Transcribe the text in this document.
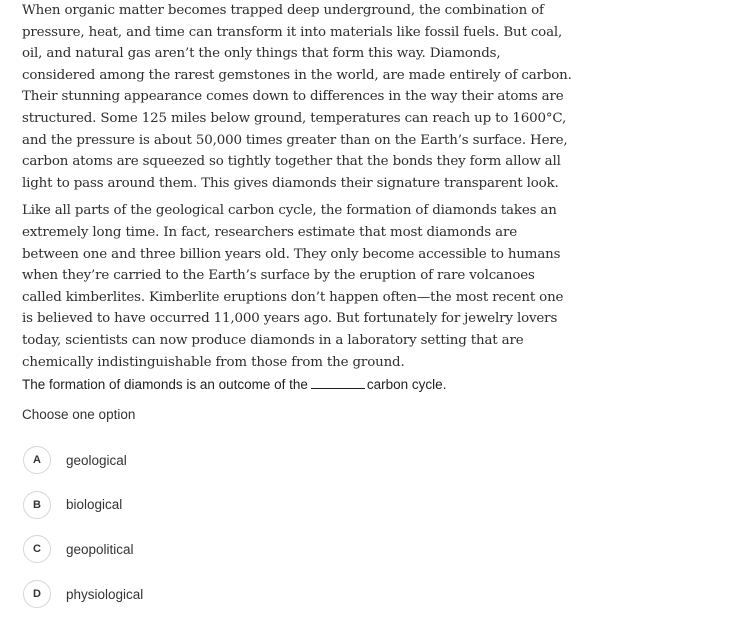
When organic matter becomes trapped deep underground, the combination of pressure, heat, and time can transform it into materials like fossil fuels. But coal, oil, and natural gas aren’t the only things that form this way. Diamonds, considered among the rarest gemstones in the world, are made entirely of carbon. Their stunning appearance comes down to differences in the way their atoms are structured. Some 125 miles below ground, temperatures can reach up to 1600°C, and the pressure is about 50,000 times greater than on the Earth’s surface. Here, carbon atoms are squeezed so tightly together that the bonds they form allow all light to pass around them. This gives diamonds their signature transparent look.

Like all parts of the geological carbon cycle, the formation of diamonds takes an extremely long time. In fact, researchers estimate that most diamonds are between one and three billion years old. They only become accessible to humans when they’re carried to the Earth’s surface by the eruption of rare volcanoes called kimberlites. Kimberlite eruptions don’t happen often—the most recent one is believed to have occurred 11,000 years ago. But fortunately for jewelry lovers today, scientists can now produce diamonds in a laboratory setting that are chemically indistinguishable from those from the ground.

The formation of diamonds is an outcome of the	carbon cycle.
Choose one option
A	geological
B	biological
C	geopolitical
D	physiological
